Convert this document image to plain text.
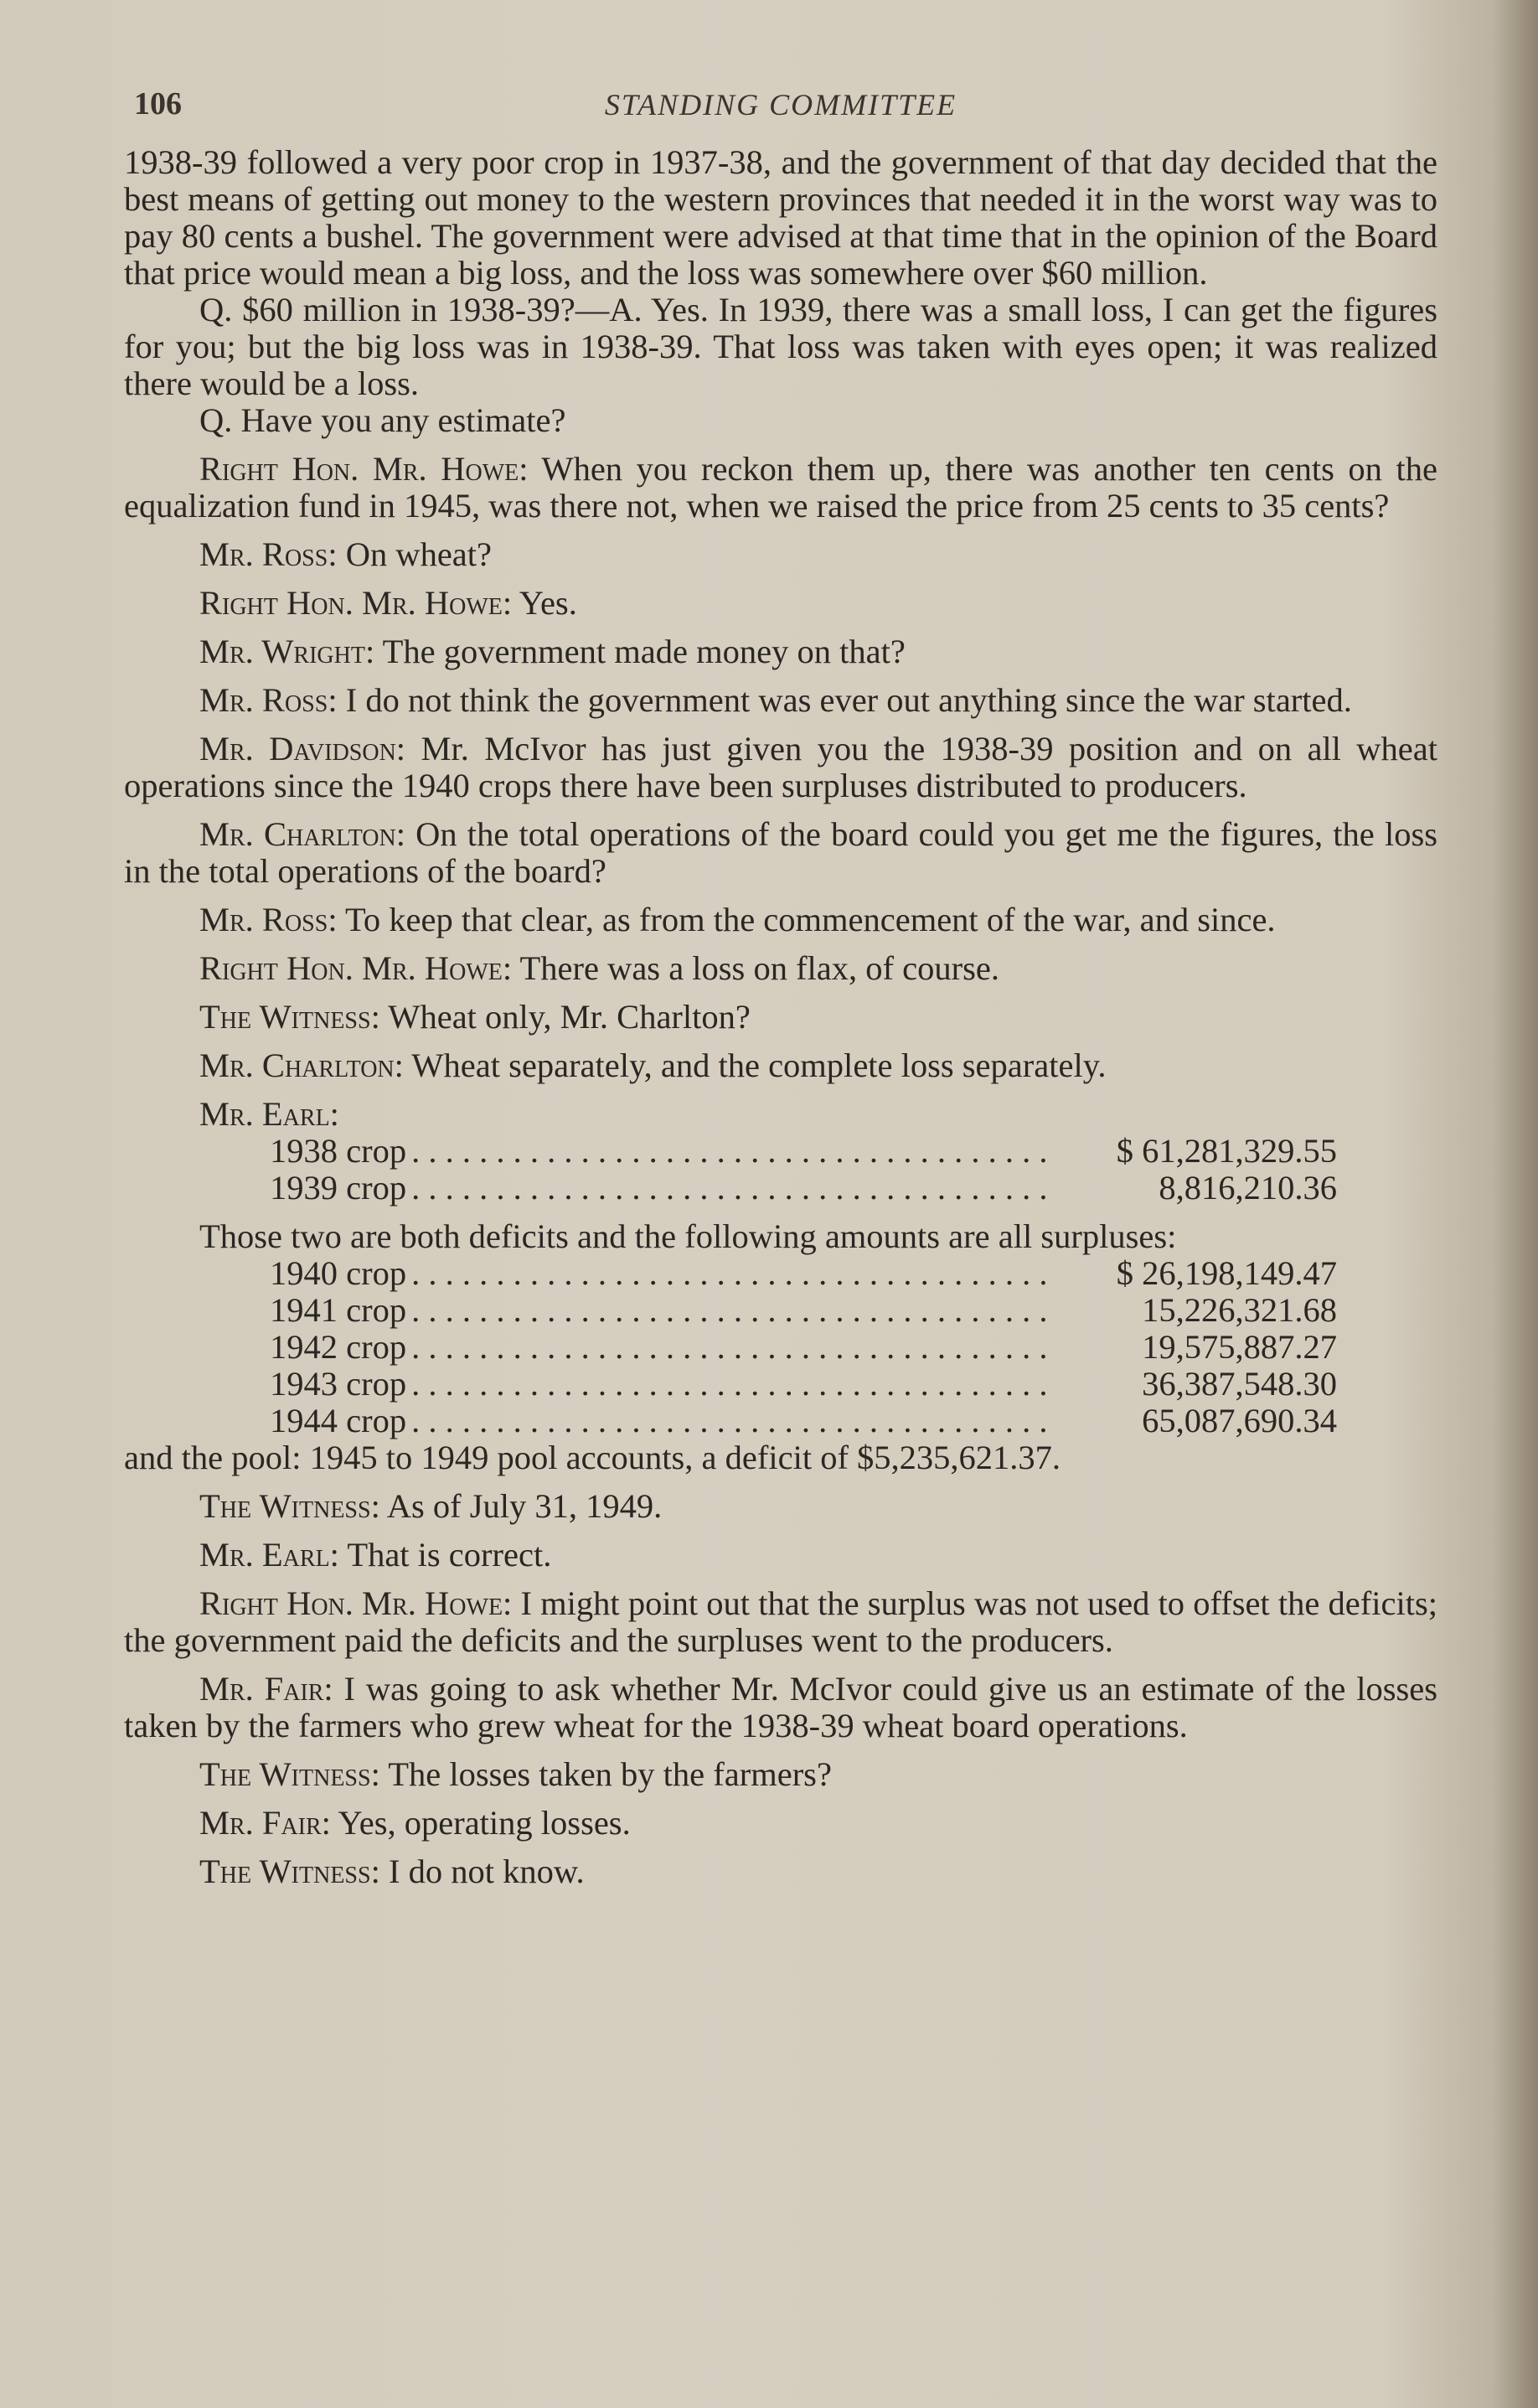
106	STANDING COMMITTEE

1938-39 followed a very poor crop in 1937-38, and the government of that day decided that the best means of getting out money to the western provinces that needed it in the worst way was to pay 80 cents a bushel. The government were advised at that time that in the opinion of the Board that price would mean a big loss, and the loss was somewhere over $60 million.

Q. $60 million in 1938-39?—A. Yes. In 1939, there was a small loss, I can get the figures for you; but the big loss was in 1938-39. That loss was taken with eyes open; it was realized there would be a loss.

Q. Have you any estimate?

Right Hon. Mr. Howe: When you reckon them up, there was another ten cents on the equalization fund in 1945, was there not, when we raised the price from 25 cents to 35 cents?

Mr. Ross: On wheat?

Right Hon. Mr. Howe: Yes.

Mr. Wright: The government made money on that?

Mr. Ross: I do not think the government was ever out anything since the war started.

Mr. Davidson: Mr. McIvor has just given you the 1938-39 position and on all wheat operations since the 1940 crops there have been surpluses distributed to producers.

Mr. Charlton: On the total operations of the board could you get me the figures, the loss in the total operations of the board?

Mr. Ross: To keep that clear, as from the commencement of the war, and since.

Right Hon. Mr. Howe: There was a loss on flax, of course.

The Witness: Wheat only, Mr. Charlton?

Mr. Charlton: Wheat separately, and the complete loss separately.

Mr. Earl:

1938 crop . . .	$ 61,281,329.55
1939 crop . . .	8,816,210.36

Those two are both deficits and the following amounts are all surpluses:

1940 crop . . .	$ 26,198,149.47
1941 crop . . .	15,226,321.68
1942 crop . . .	19,575,887.27
1943 crop . . .	36,387,548.30
1944 crop . . .	65,087,690.34

and the pool: 1945 to 1949 pool accounts, a deficit of $5,235,621.37.

The Witness: As of July 31, 1949.

Mr. Earl: That is correct.

Right Hon. Mr. Howe: I might point out that the surplus was not used to offset the deficits; the government paid the deficits and the surpluses went to the producers.

Mr. Fair: I was going to ask whether Mr. McIvor could give us an estimate of the losses taken by the farmers who grew wheat for the 1938-39 wheat board operations.

The Witness: The losses taken by the farmers?

Mr. Fair: Yes, operating losses.

The Witness: I do not know.
